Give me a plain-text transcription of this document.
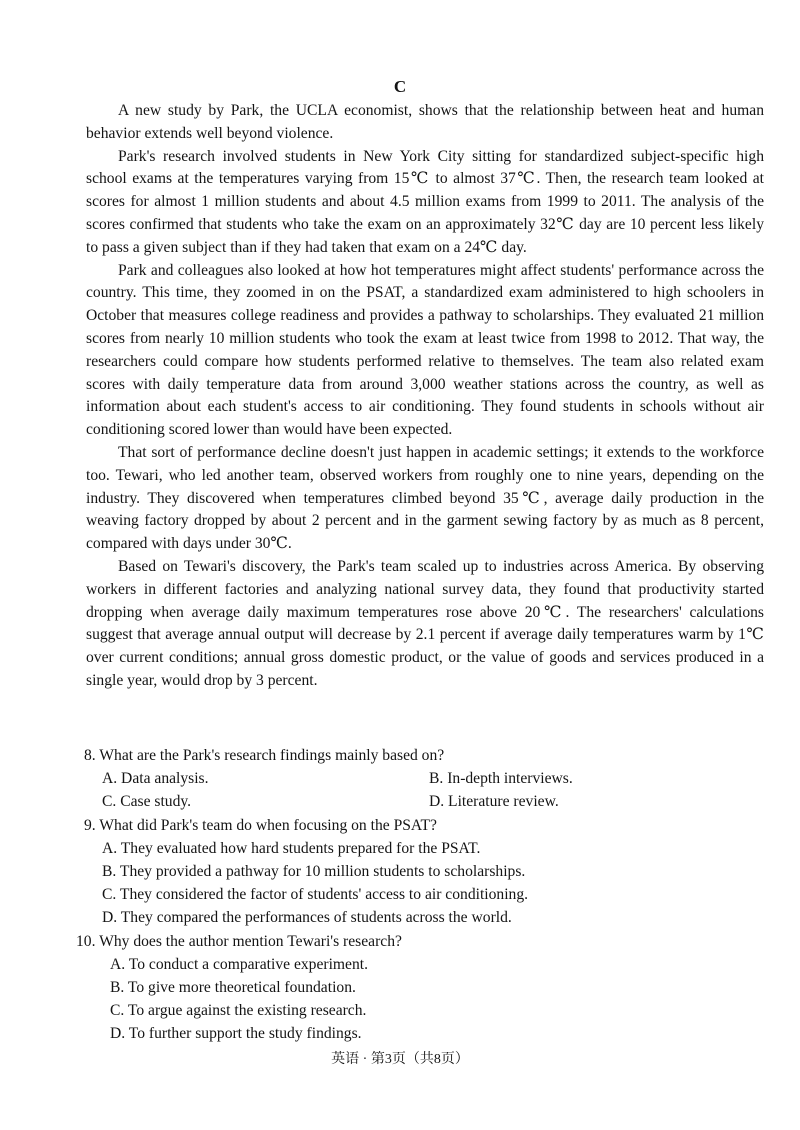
C

A new study by Park, the UCLA economist, shows that the relationship between heat and human behavior extends well beyond violence.

Park's research involved students in New York City sitting for standardized subject-specific high school exams at the temperatures varying from 15℃ to almost 37℃. Then, the research team looked at scores for almost 1 million students and about 4.5 million exams from 1999 to 2011. The analysis of the scores confirmed that students who take the exam on an approximately 32℃ day are 10 percent less likely to pass a given subject than if they had taken that exam on a 24℃ day.

Park and colleagues also looked at how hot temperatures might affect students' performance across the country. This time, they zoomed in on the PSAT, a standardized exam administered to high schoolers in October that measures college readiness and provides a pathway to scholarships. They evaluated 21 million scores from nearly 10 million students who took the exam at least twice from 1998 to 2012. That way, the researchers could compare how students performed relative to themselves. The team also related exam scores with daily temperature data from around 3,000 weather stations across the country, as well as information about each student's access to air conditioning. They found students in schools without air conditioning scored lower than would have been expected.

That sort of performance decline doesn't just happen in academic settings; it extends to the workforce too. Tewari, who led another team, observed workers from roughly one to nine years, depending on the industry. They discovered when temperatures climbed beyond 35℃, average daily production in the weaving factory dropped by about 2 percent and in the garment sewing factory by as much as 8 percent, compared with days under 30℃.

Based on Tewari's discovery, the Park's team scaled up to industries across America. By observing workers in different factories and analyzing national survey data, they found that productivity started dropping when average daily maximum temperatures rose above 20℃. The researchers' calculations suggest that average annual output will decrease by 2.1 percent if average daily temperatures warm by 1℃ over current conditions; annual gross domestic product, or the value of goods and services produced in a single year, would drop by 3 percent.

8. What are the Park's research findings mainly based on?

A. Data analysis.	B. In-depth interviews.
C. Case study.	D. Literature review.

9. What did Park's team do when focusing on the PSAT?

A. They evaluated how hard students prepared for the PSAT.

B. They provided a pathway for 10 million students to scholarships.

C. They considered the factor of students' access to air conditioning.

D. They compared the performances of students across the world.

10. Why does the author mention Tewari's research?

A. To conduct a comparative experiment.

B. To give more theoretical foundation.

C. To argue against the existing research.

D. To further support the study findings.

英语 · 第3页（共8页）
